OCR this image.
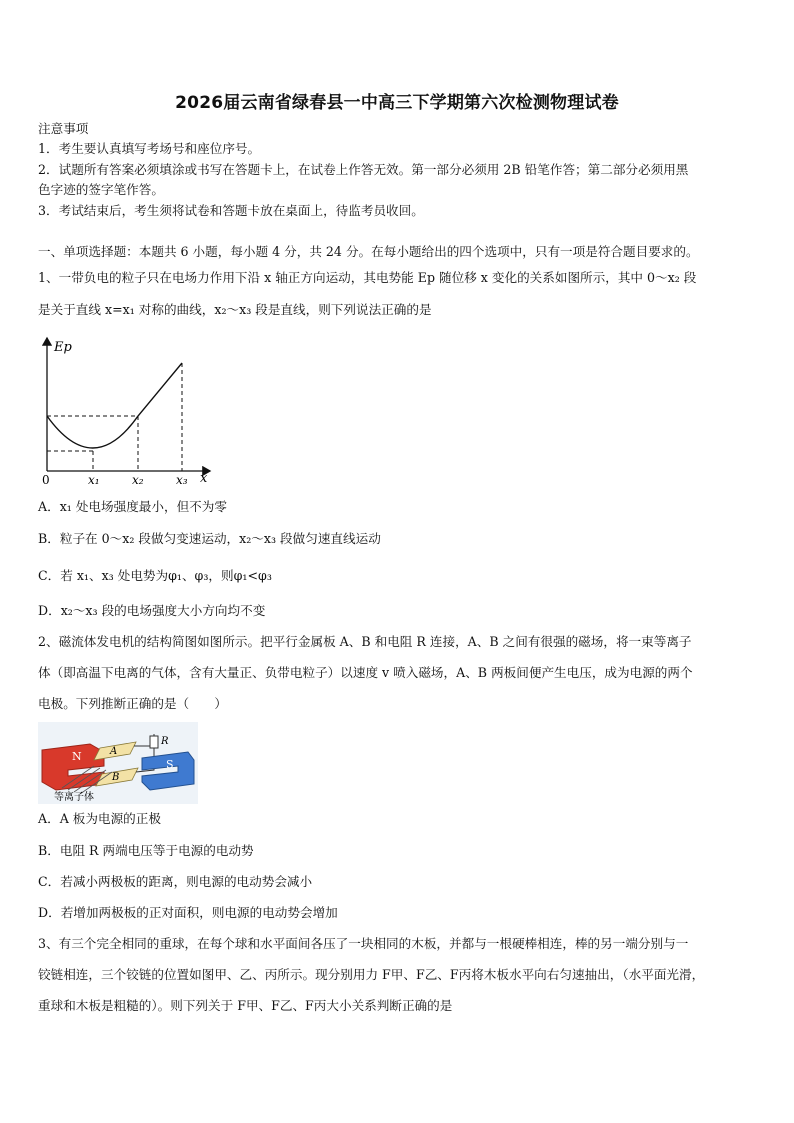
2026届云南省绿春县一中高三下学期第六次检测物理试卷
注意事项
1．考生要认真填写考场号和座位序号。
2．试题所有答案必须填涂或书写在答题卡上，在试卷上作答无效。第一部分必须用 2B 铅笔作答；第二部分必须用黑
色字迹的签字笔作答。
3．考试结束后，考生须将试卷和答题卡放在桌面上，待监考员收回。
一、单项选择题：本题共 6 小题，每小题 4 分，共 24 分。在每小题给出的四个选项中，只有一项是符合题目要求的。
1、一带负电的粒子只在电场力作用下沿 x 轴正方向运动，其电势能 Ep 随位移 x 变化的关系如图所示，其中 0～x₂ 段
是关于直线 x=x₁ 对称的曲线，x₂～x₃ 段是直线，则下列说法正确的是
Ep
0	x₁	x₂	x₃ x
A．x₁ 处电场强度最小，但不为零
B．粒子在 0～x₂ 段做匀变速运动，x₂～x₃ 段做匀速直线运动
C．若 x₁、x₃ 处电势为φ₁、φ₃，则φ₁<φ₃
D．x₂～x₃ 段的电场强度大小方向均不变
2、磁流体发电机的结构简图如图所示。把平行金属板 A、B 和电阻 R 连接，A、B 之间有很强的磁场，将一束等离子
体（即高温下电离的气体，含有大量正、负带电粒子）以速度 v 喷入磁场，A、B 两板间便产生电压，成为电源的两个
电极。下列推断正确的是（　　）
N	A
B
R
S
等离子体
A．A 板为电源的正极
B．电阻 R 两端电压等于电源的电动势
C．若减小两极板的距离，则电源的电动势会减小
D．若增加两极板的正对面积，则电源的电动势会增加
3、有三个完全相同的重球，在每个球和水平面间各压了一块相同的木板，并都与一根硬棒相连，棒的另一端分别与一
铰链相连，三个铰链的位置如图甲、乙、丙所示。现分别用力 F甲、F乙、F丙将木板水平向右匀速抽出，（水平面光滑，
重球和木板是粗糙的）。则下列关于 F甲、F乙、F丙大小关系判断正确的是
